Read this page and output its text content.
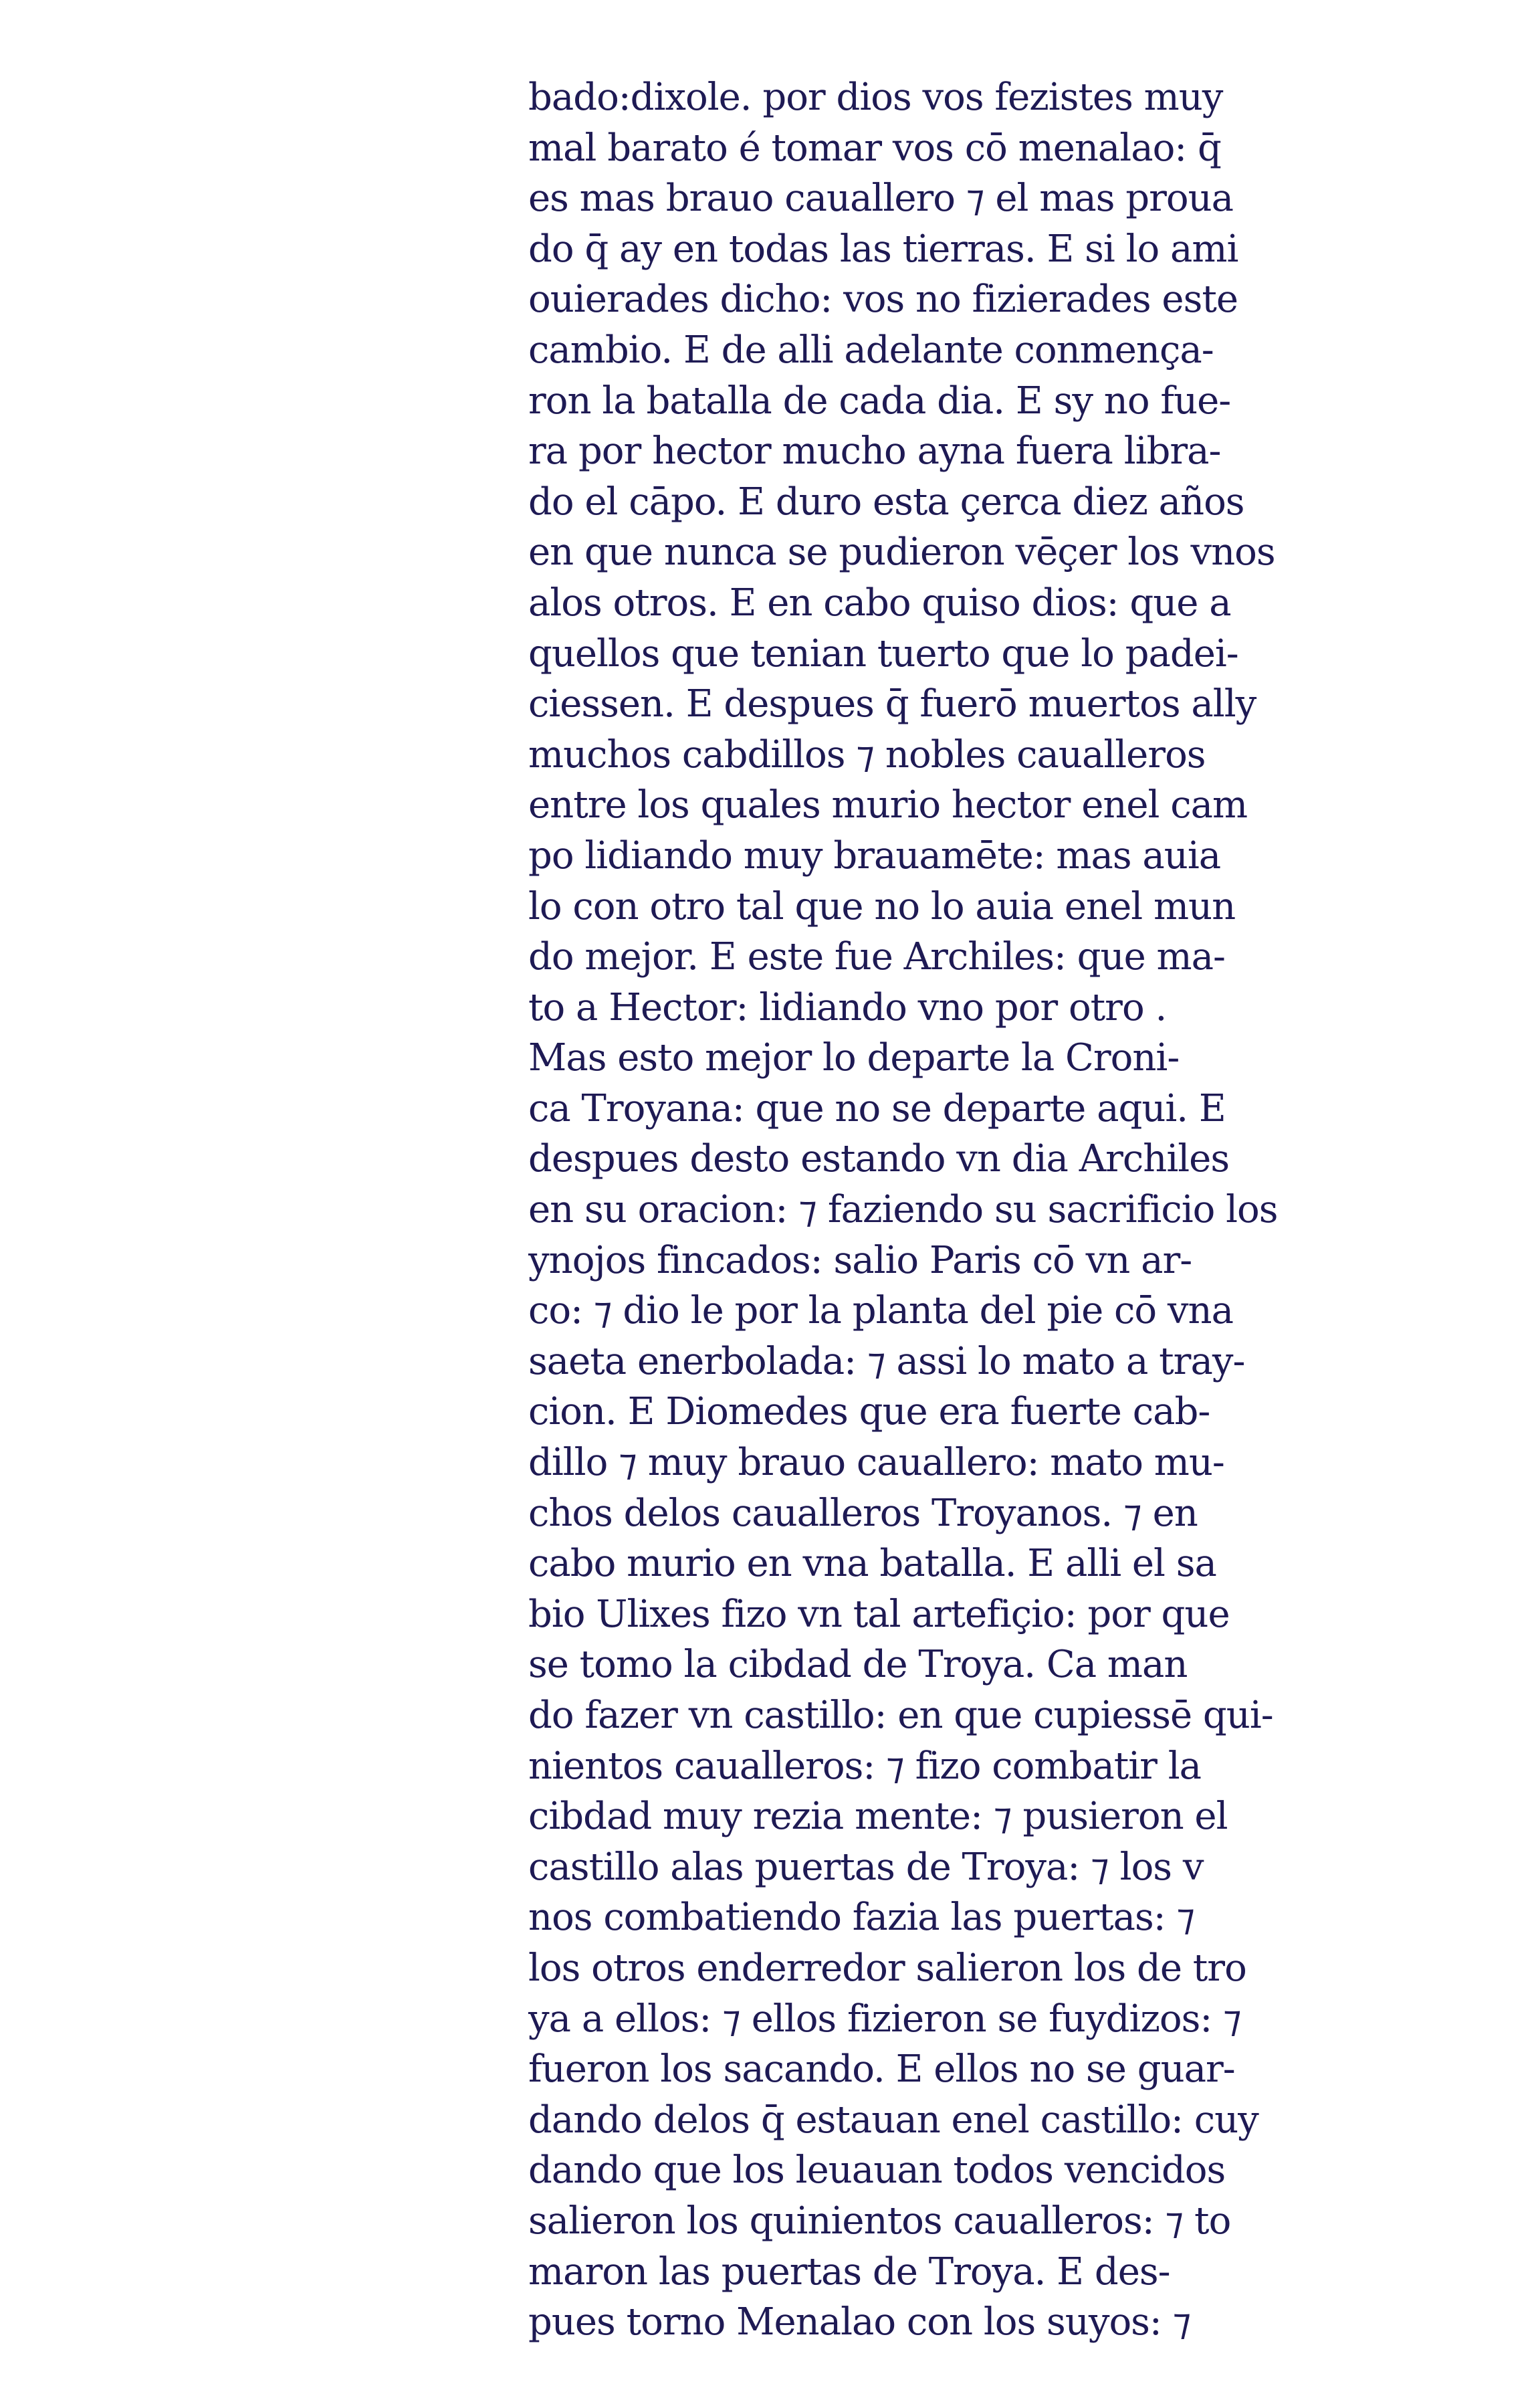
bado:dixole. por dios vos fezistes muy
mal barato é tomar vos cō menalao: q̄
es mas brauo cauallero ⁊ el mas proua
do q̄ ay en todas las tierras. E si lo ami
ouierades dicho: vos no fizierades este
cambio. E de alli adelante conmença-
ron la batalla de cada dia. E sy no fue-
ra por hector mucho ayna fuera libra-
do el cāpo. E duro esta çerca diez años
en que nunca se pudieron vēçer los vnos
alos otros. E en cabo quiso dios: que a
quellos que tenian tuerto que lo padei-
ciessen. E despues q̄ fuerō muertos ally
muchos cabdillos ⁊ nobles caualleros
entre los quales murio hector enel cam
po lidiando muy brauamēte: mas auia
lo con otro tal que no lo auia enel mun
do mejor. E este fue Archiles: que ma-
to a Hector: lidiando vno por otro .
Mas esto mejor lo departe la Croni-
ca Troyana: que no se departe aqui. E
despues desto estando vn dia Archiles
en su oracion: ⁊ faziendo su sacrificio los
ynojos fincados: salio Paris cō vn ar-
co: ⁊ dio le por la planta del pie cō vna
saeta enerbolada: ⁊ assi lo mato a tray-
cion. E Diomedes que era fuerte cab-
dillo ⁊ muy brauo cauallero: mato mu-
chos delos caualleros Troyanos. ⁊ en
cabo murio en vna batalla. E alli el sa
bio Ulixes fizo vn tal artefiçio: por que
se tomo la cibdad de Troya. Ca man
do fazer vn castillo: en que cupiessē qui-
nientos caualleros: ⁊ fizo combatir la
cibdad muy rezia mente: ⁊ pusieron el
castillo alas puertas de Troya: ⁊ los v
nos combatiendo fazia las puertas: ⁊
los otros enderredor salieron los de tro
ya a ellos: ⁊ ellos fizieron se fuydizos: ⁊
fueron los sacando. E ellos no se guar-
dando delos q̄ estauan enel castillo: cuy
dando que los leuauan todos vencidos
salieron los quinientos caualleros: ⁊ to
maron las puertas de Troya. E des-
pues torno Menalao con los suyos: ⁊
